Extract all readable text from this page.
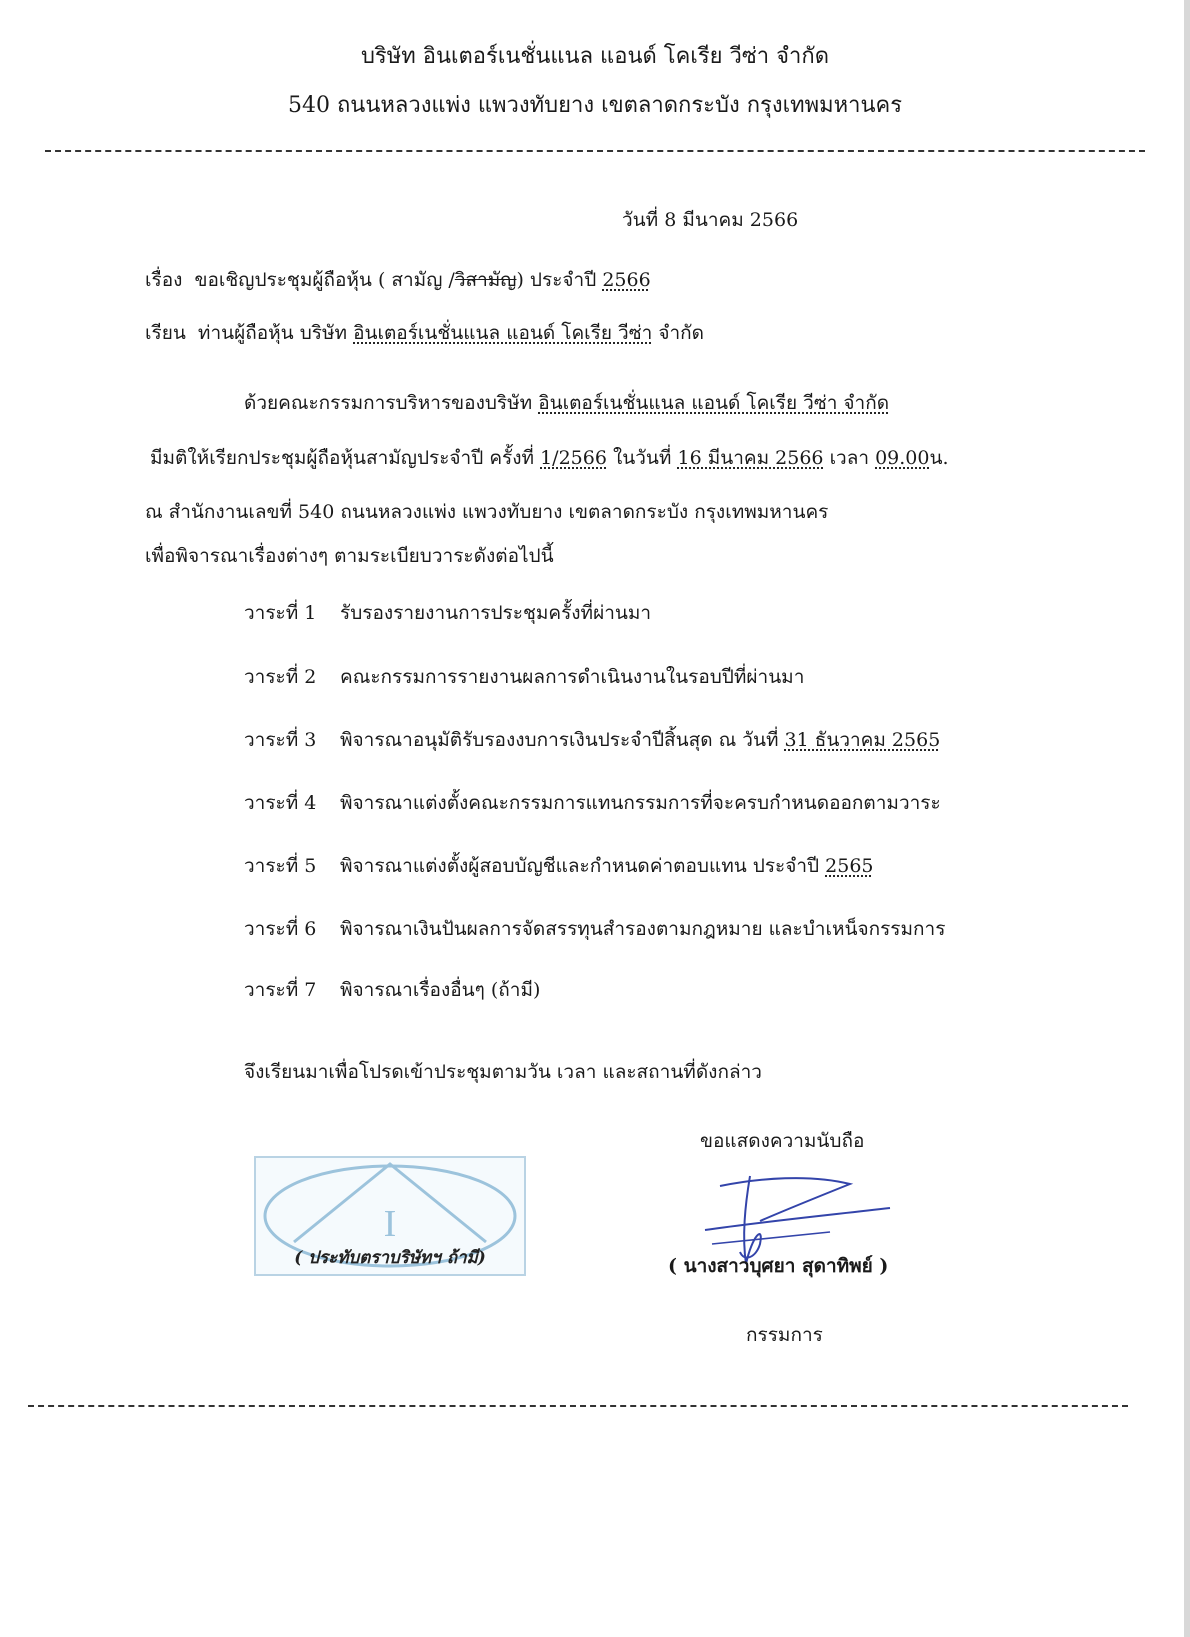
บริษัท อินเตอร์เนชั่นแนล แอนด์ โคเรีย วีซ่า จำกัด
540 ถนนหลวงแพ่ง แพวงทับยาง เขตลาดกระบัง กรุงเทพมหานคร
วันที่ 8 มีนาคม 2566
เรื่อง ขอเชิญประชุมผู้ถือหุ้น ( สามัญ /วิสามัญ) ประจำปี 2566
เรียน ท่านผู้ถือหุ้น บริษัท อินเตอร์เนชั่นแนล แอนด์ โคเรีย วีซ่า จำกัด
ด้วยคณะกรรมการบริหารของบริษัท อินเตอร์เนชั่นแนล แอนด์ โคเรีย วีซ่า จำกัด
มีมติให้เรียกประชุมผู้ถือหุ้นสามัญประจำปี ครั้งที่ 1/2566 ในวันที่ 16 มีนาคม 2566 เวลา 09.00น.
ณ สำนักงานเลขที่ 540 ถนนหลวงแพ่ง แพวงทับยาง เขตลาดกระบัง กรุงเทพมหานคร
เพื่อพิจารณาเรื่องต่างๆ ตามระเบียบวาระดังต่อไปนี้
วาระที่ 1 รับรองรายงานการประชุมครั้งที่ผ่านมา
วาระที่ 2 คณะกรรมการรายงานผลการดำเนินงานในรอบปีที่ผ่านมา
วาระที่ 3 พิจารณาอนุมัติรับรองงบการเงินประจำปีสิ้นสุด ณ วันที่ 31 ธันวาคม 2565
วาระที่ 4 พิจารณาแต่งตั้งคณะกรรมการแทนกรรมการที่จะครบกำหนดออกตามวาระ
วาระที่ 5 พิจารณาแต่งตั้งผู้สอบบัญชีและกำหนดค่าตอบแทน ประจำปี 2565
วาระที่ 6 พิจารณาเงินปันผลการจัดสรรทุนสำรองตามกฎหมาย และบำเหน็จกรรมการ
วาระที่ 7 พิจารณาเรื่องอื่นๆ (ถ้ามี)
จึงเรียนมาเพื่อโปรดเข้าประชุมตามวัน เวลา และสถานที่ดังกล่าว
ขอแสดงความนับถือ
I
( ประทับตราบริษัทฯ ถ้ามี)	( นางสาวบุศยา สุดาทิพย์ )
กรรมการ
